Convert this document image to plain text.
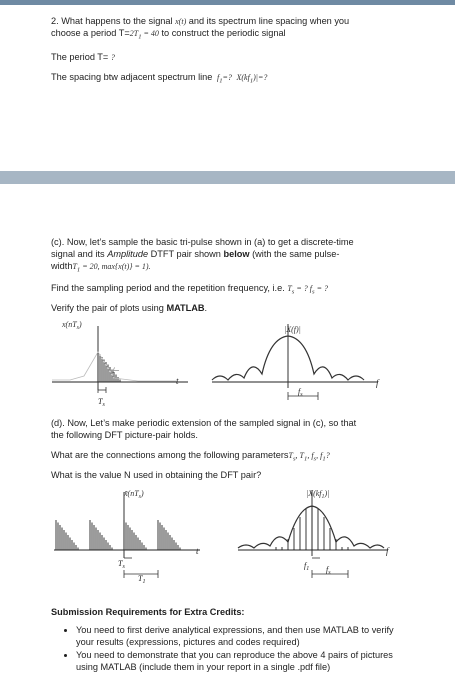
2. What happens to the signal x(t) and its spectrum line spacing when you
choose a period $T=2T_1 = 40$ to construct the periodic signal
The period T= ?
The spacing btw adjacent spectrum line $f_1=$? $X(kf_1)|=$?
(c). Now, let’s sample the basic tri-pulse shown in (a) to get a discrete-time
signal and its Amplitude DTFT pair shown below (with the same pulse-
widthT$_1$ = 20, max{x(t)} = 1).
Find the sampling period and the repetition frequency, i.e. $T_s$ = ? $f_s$ = ?
Verify the pair of plots using MATLAB.
⊢
t
$T_s$
$x(nT_s)$
f
|X(f)|
$f_s$
(d). Now, Let’s make periodic extension of the sampled signal in (c), so that
the following DFT picture-pair holds.
What are the connections among the following parametersT$_s$, $T_1$, $f_s$, $f_1$?
What is the value N used in obtaining the DFT pair?
t
$x̃(nT_s)$
$T_s$
$T_1$
f
$|X(kf_1)|$
$f_1$ $f_s$
Submission Requirements for Extra Credits:
• You need to first derive analytical expressions, and then use MATLAB to verify your results (expressions, pictures and codes required)
• You need to demonstrate that you can reproduce the above 4 pairs of pictures using MATLAB (include them in your report in a single .pdf file)
